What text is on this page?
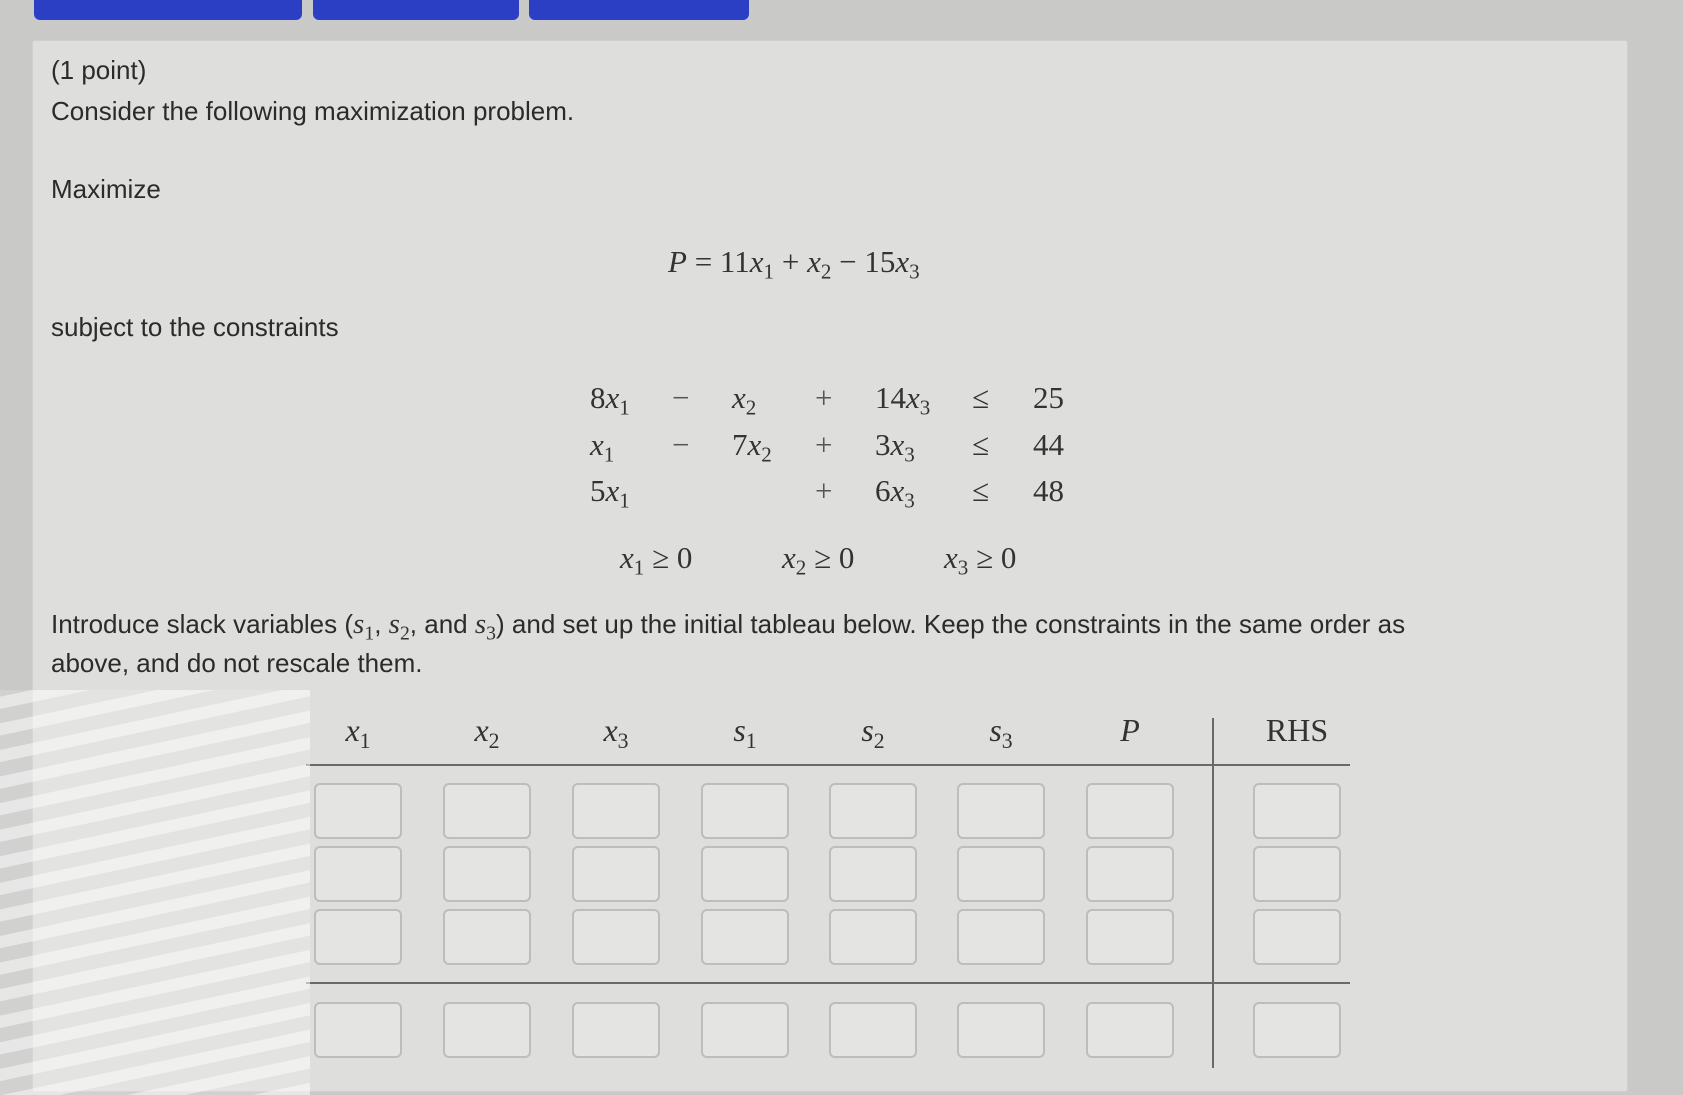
(1 point)
Consider the following maximization problem.
Maximize
$P = 11x_1 + x_2 - 15x_3$
subject to the constraints
$8x_1 - x_2 + 14x_3 \le 25$
$x_1 - 7x_2 + 3x_3 \le 44$
$5x_1$	+ $6x_3 \le 48$
$x_1 \ge 0$	$x_2 \ge 0$	$x_3 \ge 0$
Introduce slack variables ($s_1$, $s_2$, and $s_3$) and set up the initial tableau below. Keep the constraints in the same order as
above, and do not rescale them.
$x_1$	$x_2$	$x_3$	$s_1$	$s_2$	$s_3$	P	RHS
